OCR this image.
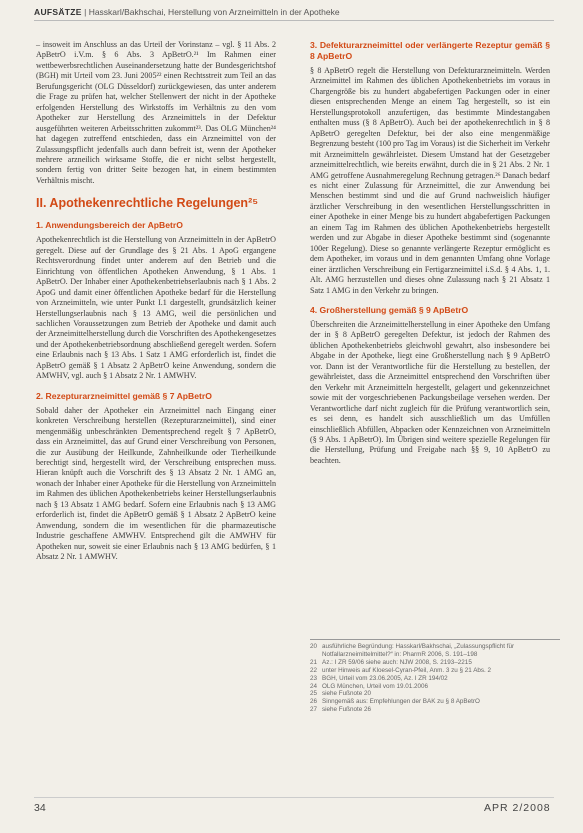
AUFSÄTZE | Hasskarl/Bakhschai, Herstellung von Arzneimitteln in der Apotheke

– insoweit im Anschluss an das Urteil der Vorinstanz – vgl. § 11 Abs. 2 ApBetrO i.V.m. § 6 Abs. 3 ApBetrO.²¹ Im Rahmen einer wettbewerbsrechtlichen Auseinandersetzung hatte der Bundesgerichtshof (BGH) mit Urteil vom 23. Juni 2005²² einen Rechtsstreit zum Teil an das Berufungsgericht (OLG Düsseldorf) zurückgewiesen, das unter anderem die Frage zu prüfen hat, welcher Stellenwert der nicht in der Apotheke erfolgenden Herstellung des Wirkstoffs im Verhältnis zu den vom Apotheker zur Herstellung des Arzneimittels in der Defektur ausgeführten weiteren Arbeitsschritten zukommt²³. Das OLG München²⁴ hat dagegen zutreffend entschieden, dass ein Arzneimittel von der Zulassungspflicht jedenfalls auch dann befreit ist, wenn der Apotheker mehrere arzneilich wirksame Stoffe, die er nicht selbst hergestellt, sondern fertig von dritter Seite bezogen hat, in einem bestimmten Verhältnis mischt.

II. Apothekenrechtliche Regelungen²⁵
1. Anwendungsbereich der ApBetrO

Apothekenrechtlich ist die Herstellung von Arzneimitteln in der ApBetrO geregelt. Diese auf der Grundlage des § 21 Abs. 1 ApoG ergangene Rechtsverordnung findet unter anderem auf den Betrieb und die Einrichtung von öffentlichen Apotheken Anwendung, § 1 Abs. 1 ApBetrO. Der Inhaber einer Apothekenbetriebserlaubnis nach § 1 Abs. 2 ApoG und damit einer öffentlichen Apotheke bedarf für die Herstellung von Arzneimitteln, wie unter Punkt I.1 dargestellt, grundsätzlich keiner Herstellungserlaubnis nach § 13 AMG, weil die persönlichen und sachlichen Voraussetzungen zum Betrieb der Apotheke und damit auch der Arzneimittelherstellung durch die Vorschriften des Apothekengesetzes und der Apothekenbetriebsordnung abschließend geregelt werden. Sofern eine Erlaubnis nach § 13 Abs. 1 Satz 1 AMG erforderlich ist, findet die ApBetrO gemäß § 1 Absatz 2 ApBetrO keine Anwendung, sondern die AMWHV, vgl. auch § 1 Absatz 2 Nr. 1 AMWHV.

2. Rezepturarzneimittel gemäß § 7 ApBetrO

Sobald daher der Apotheker ein Arzneimittel nach Eingang einer konkreten Verschreibung herstellen (Rezepturarzneimittel), sind einer mengenmäßig unbeschränkten Dementsprechend regelt § 7 ApBetrO, dass ein Arzneimittel, das auf Grund einer Verschreibung von Personen, die zur Ausübung der Heilkunde, Zahnheilkunde oder Tierheilkunde berechtigt sind, hergestellt wird, der Verschreibung entsprechen muss. Hieran knüpft auch die Vorschrift des § 13 Absatz 2 Nr. 1 AMG an, wonach der Inhaber einer Apotheke für die Herstellung von Arzneimitteln im Rahmen des üblichen Apothekenbetriebs keiner Herstellungserlaubnis nach § 13 Absatz 1 AMG bedarf. Sofern eine Erlaubnis nach § 13 AMG erforderlich ist, findet die ApBetrO gemäß § 1 Absatz 2 ApBetrO keine Anwendung, sondern die im wesentlichen für die pharmazeutische Industrie geschaffene AMWHV. Entsprechend gilt die AMWHV für Apotheken nur, soweit sie einer Erlaubnis nach § 13 AMG bedürfen, § 1 Absatz 2 Nr. 1 AMWHV.

3. Defekturarzneimittel oder verlängerte Rezeptur gemäß § 8 ApBetrO

§ 8 ApBetrO regelt die Herstellung von Defekturarzneimitteln. Werden Arzneimittel im Rahmen des üblichen Apothekenbetriebs im voraus in Chargengröße bis zu hundert abgabefertigen Packungen oder in einer diesen entsprechenden Menge an einem Tag hergestellt, so ist ein Herstellungsprotokoll anzufertigen, das bestimmte Mindestangaben enthalten muss (§ 8 ApBetrO). Auch bei der apothekenrechtlich in § 8 ApBetrO geregelten Defektur, bei der also eine mengenmäßige Begrenzung besteht (100 pro Tag im Voraus) ist die Sicherheit im Verkehr mit Arzneimitteln gewährleistet. Diesem Umstand hat der Gesetzgeber arzneimittelrechtlich, wie bereits erwähnt, durch die in § 21 Abs. 2 Nr. 1 AMG getroffene Ausnahmeregelung Rechnung getragen.²⁶ Danach bedarf es nicht einer Zulassung für Arzneimittel, die zur Anwendung bei Menschen bestimmt sind und die auf Grund nachweislich häufiger ärztlicher Verschreibung in den wesentlichen Herstellungsschritten in einer Apotheke in einer Menge bis zu hundert abgabefertigen Packungen an einem Tag im Rahmen des üblichen Apothekenbetriebs hergestellt werden und zur Abgabe in dieser Apotheke bestimmt sind (sogenannte 100er Regelung). Diese so genannte verlängerte Rezeptur ermöglicht es dem Apotheker, im voraus und in dem genannten Umfang ohne Vorlage einer ärztlichen Verschreibung ein Fertigarzneimittel i.S.d. § 4 Abs. 1, 1. Alt. AMG herzustellen und dieses ohne Zulassung nach § 21 Absatz 1 Satz 1 AMG in den Verkehr zu bringen.

4. Großherstellung gemäß § 9 ApBetrO

Überschreiten die Arzneimittelherstellung in einer Apotheke den Umfang der in § 8 ApBetrO geregelten Defektur, ist jedoch der Rahmen des üblichen Apothekenbetriebs gleichwohl gewahrt, also insbesondere bei Abgabe in der Apotheke, liegt eine Großherstellung nach § 9 ApBetrO vor. Dann ist der Verantwortliche für die Herstellung zu bestellen, der gewährleistet, dass die Arzneimittel entsprechend den Vorschriften über den Verkehr mit Arzneimitteln hergestellt, gelagert und gekennzeichnet sowie mit der vorgeschriebenen Packungsbeilage versehen werden. Der Verantwortliche darf nicht zugleich für die Prüfung verantwortlich sein, es sei denn, es handelt sich ausschließlich um das Umfüllen einschließlich Abfüllen, Abpacken oder Kennzeichnen von Arzneimitteln (§ 9 Abs. 1 ApBetrO). Im Übrigen sind weitere spezielle Regelungen für die Herstellung, Prüfung und Freigabe nach §§ 9, 10 ApBetrO zu beachten.

20 ausführliche Begründung: Hasskarl/Bakhschai, „Zulassungspflicht für Notfallarzneimittelmittel?“ in: PharmR 2006, S. 191–198
21 Az.: I ZR 59/06 siehe auch: NJW 2008, S. 2193–2215
22 unter Hinweis auf Kloesel-Cyran-Pfeil, Anm. 3 zu § 21 Abs. 2
23 BGH, Urteil vom 23.06.2005, Az. I ZR 194/02
24 OLG München, Urteil vom 19.01.2006
25 siehe Fußnote 20
26 Sinngemäß aus: Empfehlungen der BAK zu § 8 ApBetrO
27 siehe Fußnote 26
34	APR 2/2008
